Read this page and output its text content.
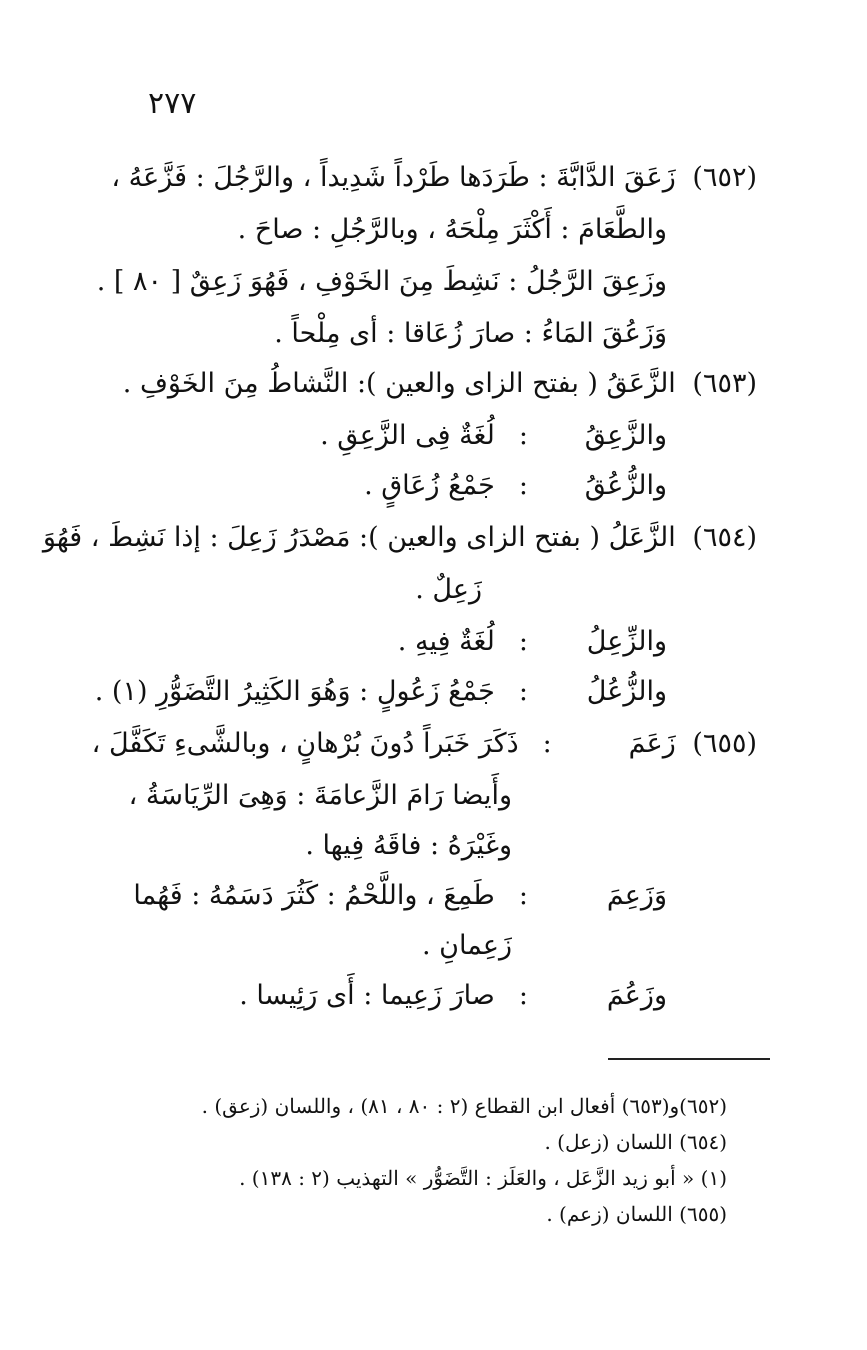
٢٧٧
(٦٥٢) زَعَقَ الدَّابَّةَ : طَرَدَها طَرْداً شَدِيداً ، والرَّجُلَ : فَزَّعَهُ ،
والطَّعَامَ : أَكْثَرَ مِلْحَهُ ، وبالرَّجُلِ : صاحَ .
وزَعِقَ الرَّجُلُ : نَشِطَ مِنَ الخَوْفِ ، فَهُوَ زَعِقٌ [ ٨٠ ] .
وَزَعُقَ المَاءُ : صارَ زُعَاقا : أى مِلْحاً .
(٦٥٣) الزَّعَقُ ( بفتح الزاى والعين ): النَّشاطُ مِنَ الخَوْفِ .
والزَّعِقُ : لُغَةٌ فِى الزَّعِقِ .
والزُّعُقُ : جَمْعُ زُعَاقٍ .
(٦٥٤) الزَّعَلُ ( بفتح الزاى والعين ): مَصْدَرُ زَعِلَ : إذا نَشِطَ ، فَهُوَ
زَعِلٌ .
والزِّعِلُ : لُغَةٌ فِيهِ .
والزُّعُلُ : جَمْعُ زَعُولٍ : وَهُوَ الكَثِيرُ التَّضَوُّرِ (١) .
(٦٥٥) زَعَمَ : ذَكَرَ خَبَراً دُونَ بُرْهانٍ ، وبالشَّىءِ تَكَفَّلَ ،
وأَيضا رَامَ الزَّعامَةَ : وَهِىَ الرِّيَاسَةُ ،
وغَيْرَهُ : فاقَهُ فِيها .
وَزَعِمَ : طَمِعَ ، واللَّحْمُ : كَثُرَ دَسَمُهُ : فَهُما
زَعِمانِ .
وزَعُمَ : صارَ زَعِيما : أَى رَئِيسا .
(٦٥٢)و(٦٥٣) أفعال ابن القطاع (٢ : ٨٠ ، ٨١) ، واللسان (زعق) .
(٦٥٤) اللسان (زعل) .
(١) « أبو زيد الزَّعَل ، والعَلَز : التَّضَوُّر » التهذيب (٢ : ١٣٨) .
(٦٥٥) اللسان (زعم) .
